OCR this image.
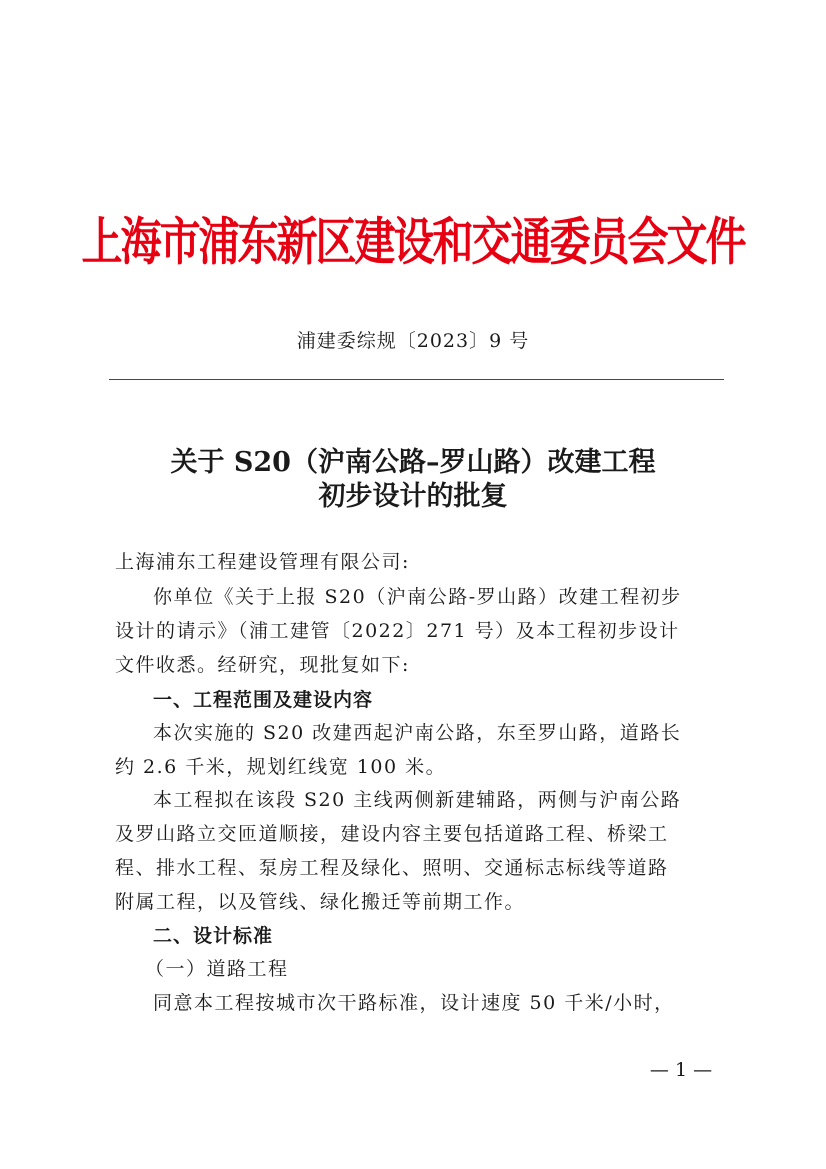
上海市浦东新区建设和交通委员会文件
浦建委综规〔2023〕9 号
关于 S20（沪南公路–罗山路）改建工程
初步设计的批复
上海浦东工程建设管理有限公司:
你单位《关于上报 S20（沪南公路-罗山路）改建工程初步
设计的请示》（浦工建管〔2022〕271 号）及本工程初步设计
文件收悉。经研究，现批复如下:
一、工程范围及建设内容
本次实施的 S20 改建西起沪南公路，东至罗山路，道路长
约 2.6 千米，规划红线宽 100 米。
本工程拟在该段 S20 主线两侧新建辅路，两侧与沪南公路
及罗山路立交匝道顺接，建设内容主要包括道路工程、桥梁工
程、排水工程、泵房工程及绿化、照明、交通标志标线等道路
附属工程，以及管线、绿化搬迁等前期工作。
二、设计标准
（一）道路工程
同意本工程按城市次干路标准，设计速度 50 千米/小时，
— 1 —
